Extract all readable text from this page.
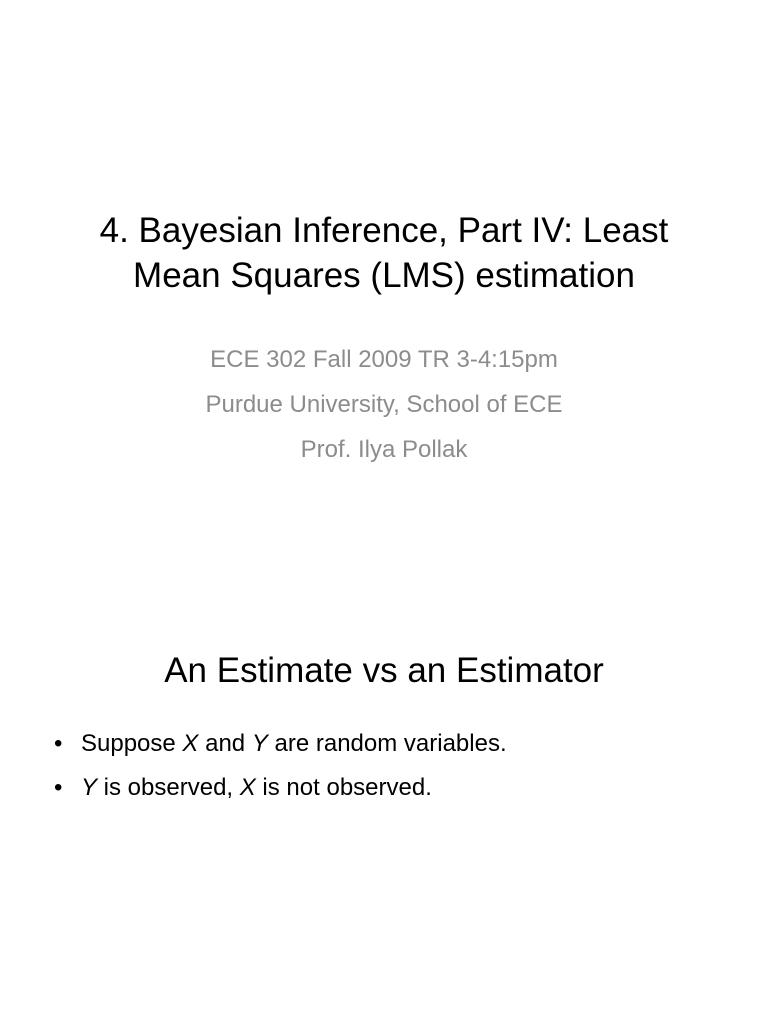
4. Bayesian Inference, Part IV: Least
Mean Squares (LMS) estimation
ECE 302 Fall 2009 TR 3-4:15pm
Purdue University, School of ECE
Prof. Ilya Pollak
An Estimate vs an Estimator
• Suppose X and Y are random variables.
• Y is observed, X is not observed.
